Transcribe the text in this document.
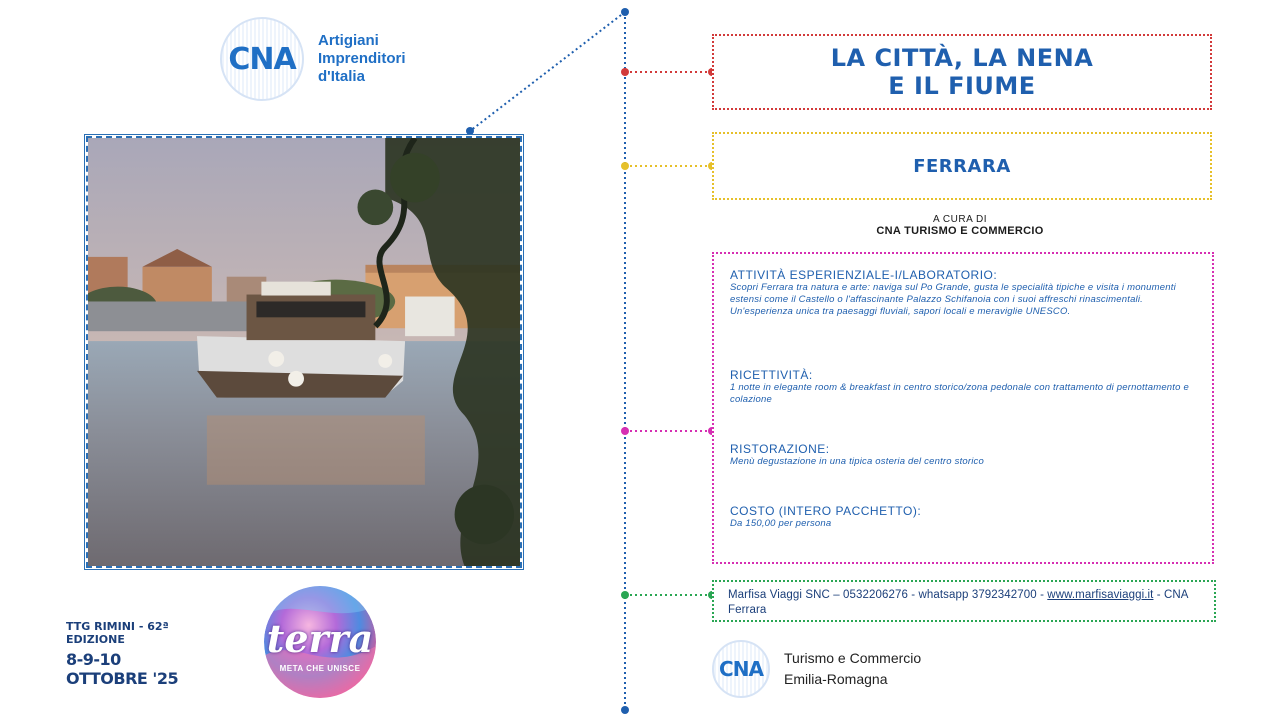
CNA
Artigiani
Imprenditori
d'Italia
TTG RIMINI - 62ª EDIZIONE
8-9-10 OTTOBRE '25
terra
META CHE UNISCE
LA CITTÀ, LA NENA
E IL FIUME
FERRARA
A CURA DI
CNA TURISMO E COMMERCIO
ATTIVITÀ ESPERIENZIALE-I/LABORATORIO:
Scopri Ferrara tra natura e arte: naviga sul Po Grande, gusta le specialità tipiche e visita i monumenti estensi come il Castello o l'affascinante Palazzo Schifanoia con i suoi affreschi rinascimentali.
Un'esperienza unica tra paesaggi fluviali, sapori locali e meraviglie UNESCO.
RICETTIVITÀ:
1 notte in elegante room & breakfast in centro storico/zona pedonale con trattamento di pernottamento e colazione
RISTORAZIONE:
Menù degustazione in una tipica osteria del centro storico
COSTO (INTERO PACCHETTO):
Da 150,00 per persona
Marfisa Viaggi SNC – 0532206276 - whatsapp 3792342700 - www.marfisaviaggi.it - CNA Ferrara
CNA Turismo e Commercio
Emilia-Romagna
